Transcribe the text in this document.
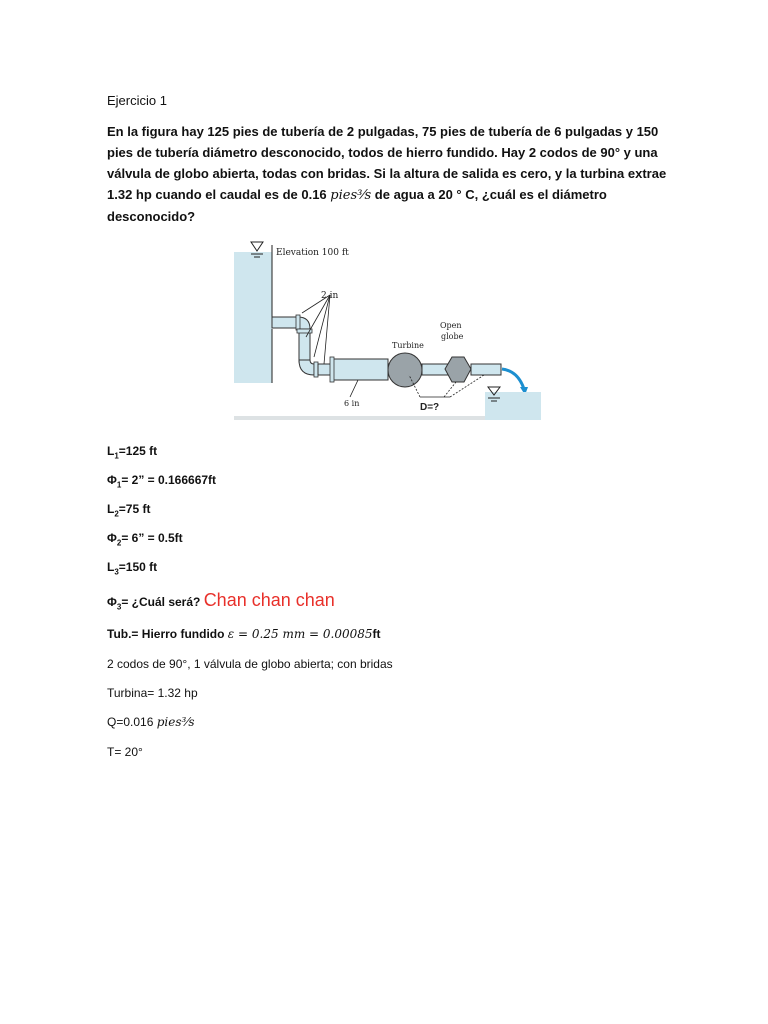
Ejercicio 1

En la figura hay 125 pies de tubería de 2 pulgadas, 75 pies de tubería de 6 pulgadas y 150 pies de tubería diámetro desconocido, todos de hierro fundido. Hay 2 codos de 90° y una válvula de globo abierta, todas con bridas. Si la altura de salida es cero, y la turbina extrae 1.32 hp cuando el caudal es de 0.16 pies³⁄s de agua a 20 ° C, ¿cuál es el diámetro desconocido?

Elevation 100 ft
2 in
Turbine
Open
globe
6 in	D=?
$L_1=125$ ft
$\Phi_1= 2$” = 0.166667ft
$L_2=75$ ft
$\Phi_2= 6$” = 0.5ft
$L_3=150$ ft
$\Phi_3=$ ¿Cuál será? Chan chan chan
Tub.= Hierro fundido ε = 0.25 mm = 0.00085ft
2 codos de 90°, 1 válvula de globo abierta; con bridas
Turbina= 1.32 hp
Q=0.016 pies³⁄s
T= 20°
